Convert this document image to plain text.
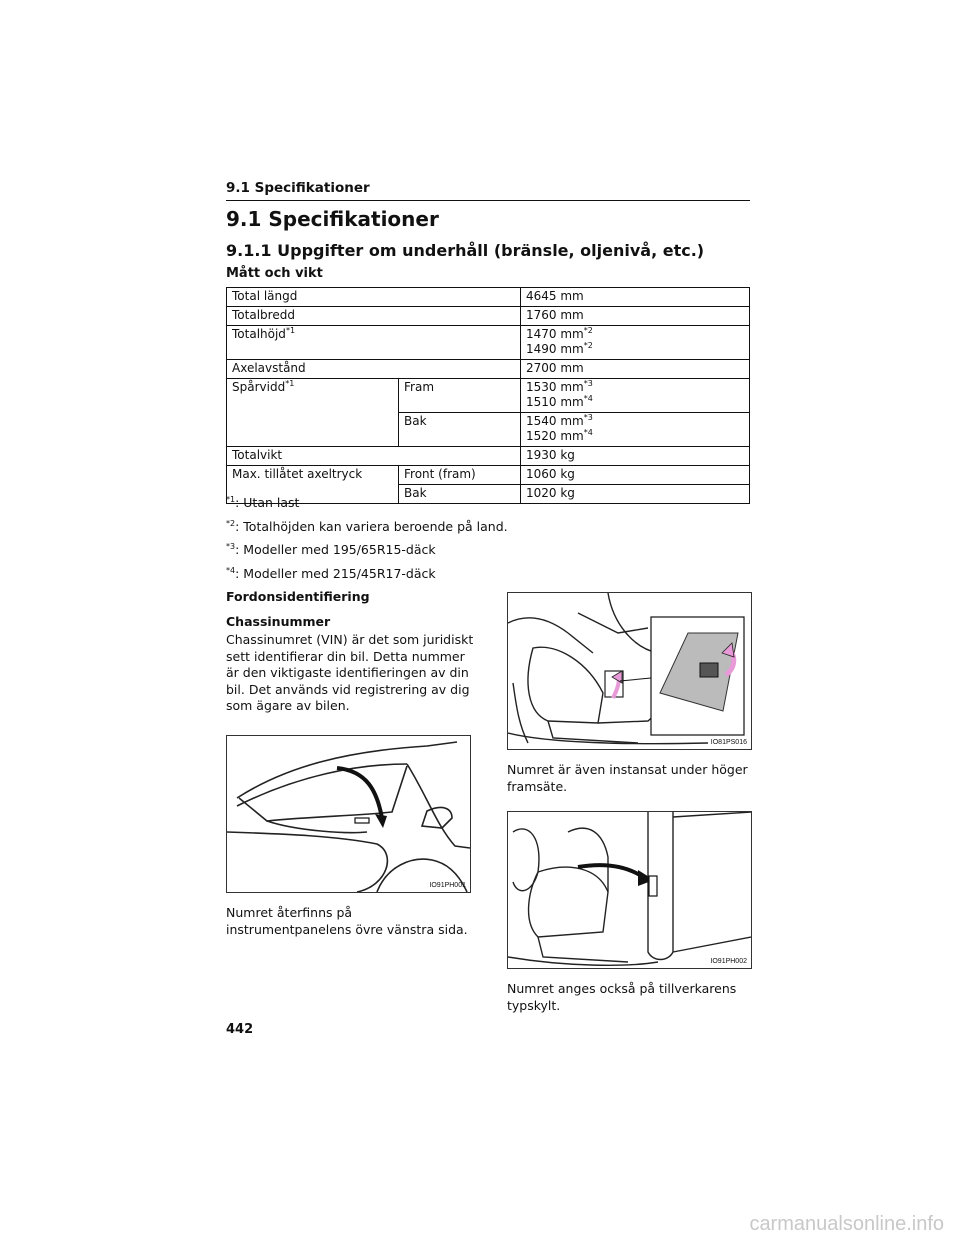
9.1 Specifikationer
9.1 Specifikationer
9.1.1 Uppgifter om underhåll (bränsle, oljenivå, etc.)
Mått och vikt
Total längd		4645 mm
Totalbredd		1760 mm
Totalhöjd$^{*1}$		1470 $mm^{*2}$
1490 $mm^{*2}$
Axelavstånd		2700 mm
Spårvidd$^{*1}$	Fram	1530 $mm^{*3}$
1510 $mm^{*4}$
	Bak	1540 $mm^{*3}$
1520 $mm^{*4}$
Totalvikt		1930 kg
Max. tillåtet axeltryck	Front (fram)	1060 kg
	Bak	1020 kg
$^{*1}$: Utan last
$^{*2}$: Totalhöjden kan variera beroende på land.
$^{*3}$: Modeller med 195/65R15-däck
$^{*4}$: Modeller med 215/45R17-däck
Fordonsidentifiering
Chassinummer
Chassinumret (VIN) är det som juridiskt sett identifierar din bil. Detta nummer är den viktigaste identifieringen av din bil. Det används vid registrering av dig som ägare av bilen.
IO91PH001
Numret återfinns på instrumentpanelens övre vänstra sida.
IO81PS016
Numret är även instansat under höger framsäte.
IO91PH002
Numret anges också på tillverkarens typskylt.
442
carmanualsonline.info
